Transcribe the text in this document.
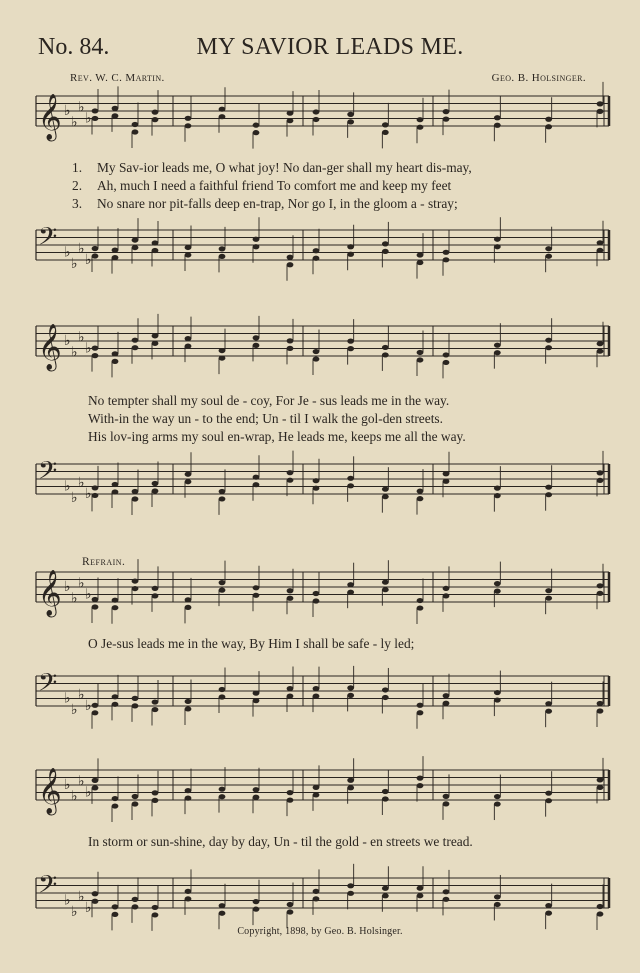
No. 84.	MY SAVIOR LEADS ME.
Rev. W. C. Martin.	Geo. B. Holsinger.
𝄞 ♭
♭
♭
♭
𝄢 ♭
♭
♭
♭
𝄞 ♭
♭
♭
♭
𝄢 ♭
♭
♭
♭
𝄞 ♭
♭
♭
♭
𝄢 ♭
♭
♭
♭
𝄞 ♭
♭
♭
♭
𝄢 ♭
♭
♭
♭
1. My Sav-ior leads me, O what joy! No dan-ger shall my heart dis-may,
2. Ah, much I need a faithful friend To comfort me and keep my feet
3. No snare nor pit-falls deep en-trap, Nor go I, in the gloom a - stray;
No tempter shall my soul de - coy, For Je - sus leads me in the way.
With-in the way un - to the end; Un - til I walk the gol-den streets.
His lov-ing arms my soul en-wrap, He leads me, keeps me all the way.
Refrain.
O Je-sus leads me in the way, By Him I shall be safe - ly led;
In storm or sun-shine, day by day, Un - til the gold - en streets we tread.
Copyright, 1898, by Geo. B. Holsinger.
